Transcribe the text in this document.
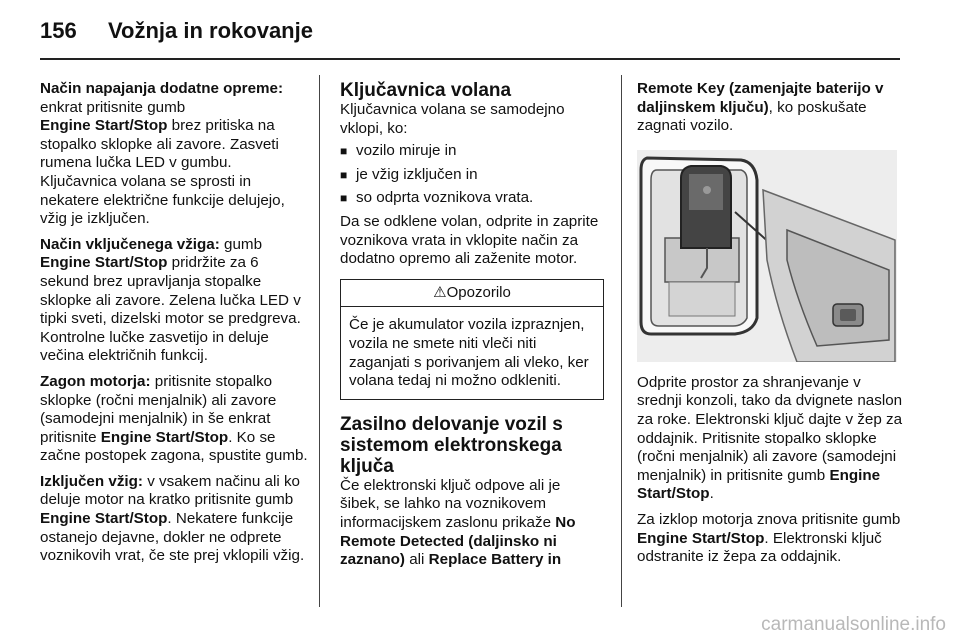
156 Vožnja in rokovanje

Način napajanja dodatne opreme:
enkrat pritisnite gumb
Engine Start/Stop brez pritiska na stopalko sklopke ali zavore. Zasveti rumena lučka LED v gumbu. Ključavnica volana se sprosti in nekatere električne funkcije delujejo, vžig je izključen.

Način vključenega vžiga: gumb
Engine Start/Stop pridržite za 6 sekund brez upravljanja stopalke sklopke ali zavore. Zelena lučka LED v tipki sveti, dizelski motor se predgreva. Kontrolne lučke zasvetijo in deluje večina električnih funkcij.

Zagon motorja: pritisnite stopalko sklopke (ročni menjalnik) ali zavore (samodejni menjalnik) in še enkrat pritisnite Engine Start/Stop. Ko se začne postopek zagona, spustite gumb.

Izključen vžig: v vsakem načinu ali ko deluje motor na kratko pritisnite gumb Engine Start/Stop. Nekatere funkcije ostanejo dejavne, dokler ne odprete voznikovih vrat, če ste prej vklopili vžig.

Ključavnica volana

Ključavnica volana se samodejno vklopi, ko:

■ vozilo miruje in
■ je vžig izključen in
■ so odprta voznikova vrata.

Da se odklene volan, odprite in zaprite voznikova vrata in vklopite način za dodatno opremo ali zaženite motor.

⚠Opozorilo
Če je akumulator vozila izpraznjen, vozila ne smete niti vleči niti zaganjati s porivanjem ali vleko, ker volana tedaj ni možno odkleniti.
Zasilno delovanje vozil s sistemom elektronskega ključa

Če elektronski ključ odpove ali je šibek, se lahko na voznikovem informacijskem zaslonu prikaže No Remote Detected (daljinsko ni zaznano) ali Replace Battery in

Remote Key (zamenjajte baterijo v daljinskem ključu), ko poskušate zagnati vozilo.

Odprite prostor za shranjevanje v srednji konzoli, tako da dvignete naslon za roke. Elektronski ključ dajte v žep za oddajnik. Pritisnite stopalko sklopke (ročni menjalnik) ali zavore (samodejni menjalnik) in pritisnite gumb Engine Start/Stop.

Za izklop motorja znova pritisnite gumb Engine Start/Stop. Elektronski ključ odstranite iz žepa za oddajnik.

carmanualsonline.info
